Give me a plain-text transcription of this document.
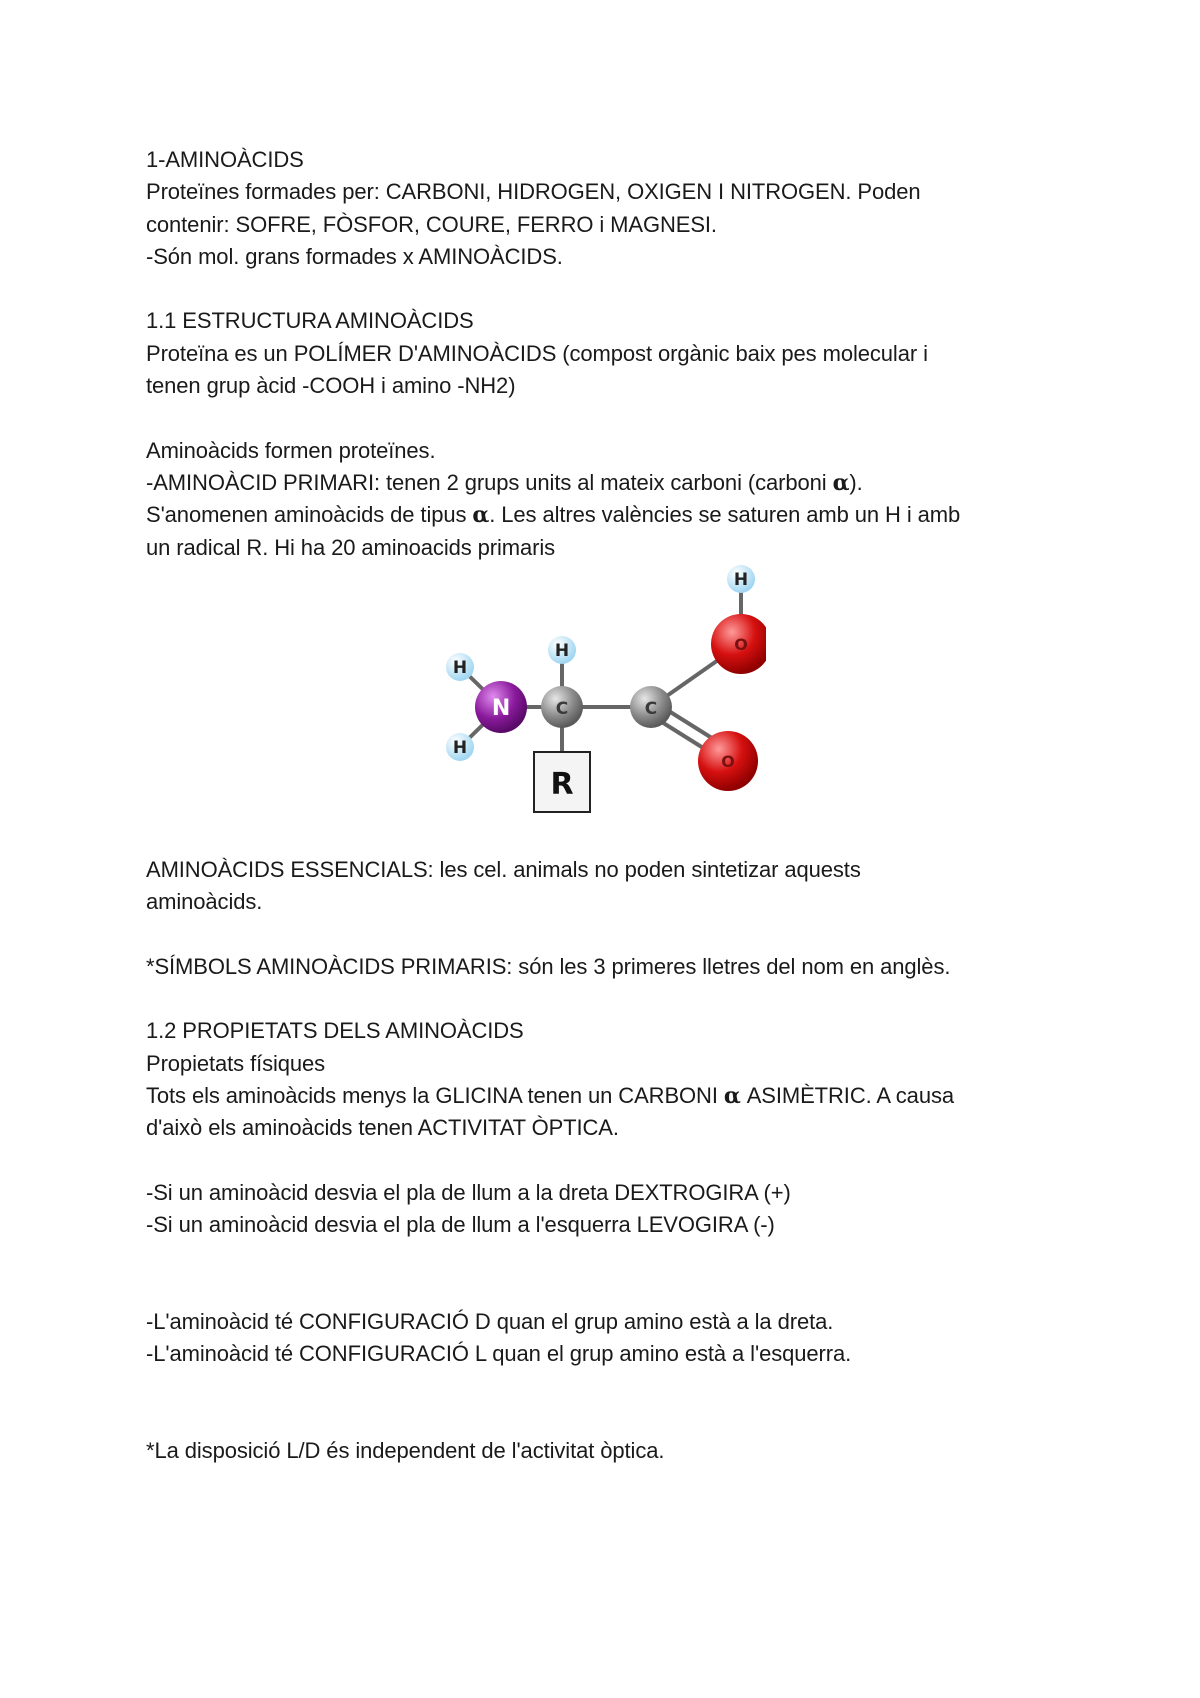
1-AMINOÀCIDS
Proteïnes formades per: CARBONI, HIDROGEN, OXIGEN I NITROGEN. Poden
contenir: SOFRE, FÒSFOR, COURE, FERRO i MAGNESI.
-Són mol. grans formades x AMINOÀCIDS.
1.1 ESTRUCTURA AMINOÀCIDS
Proteïna es un POLÍMER D'AMINOÀCIDS (compost orgànic baix pes molecular i
tenen grup àcid -COOH i amino -NH2)
Aminoàcids formen proteïnes.
-AMINOÀCID PRIMARI: tenen 2 grups units al mateix carboni (carboni α).
S'anomenen aminoàcids de tipus α. Les altres valències se saturen amb un H i amb
un radical R. Hi ha 20 aminoacids primaris
R
H
O
H
H
N	C	C
H
O
AMINOÀCIDS ESSENCIALS: les cel. animals no poden sintetizar aquests
aminoàcids.
*SÍMBOLS AMINOÀCIDS PRIMARIS: són les 3 primeres lletres del nom en anglès.
1.2 PROPIETATS DELS AMINOÀCIDS
Propietats físiques
Tots els aminoàcids menys la GLICINA tenen un CARBONI α ASIMÈTRIC. A causa
d'això els aminoàcids tenen ACTIVITAT ÒPTICA.
-Si un aminoàcid desvia el pla de llum a la dreta DEXTROGIRA (+)
-Si un aminoàcid desvia el pla de llum a l'esquerra LEVOGIRA (-)
-L'aminoàcid té CONFIGURACIÓ D quan el grup amino està a la dreta.
-L'aminoàcid té CONFIGURACIÓ L quan el grup amino està a l'esquerra.
*La disposició L/D és independent de l'activitat òptica.
